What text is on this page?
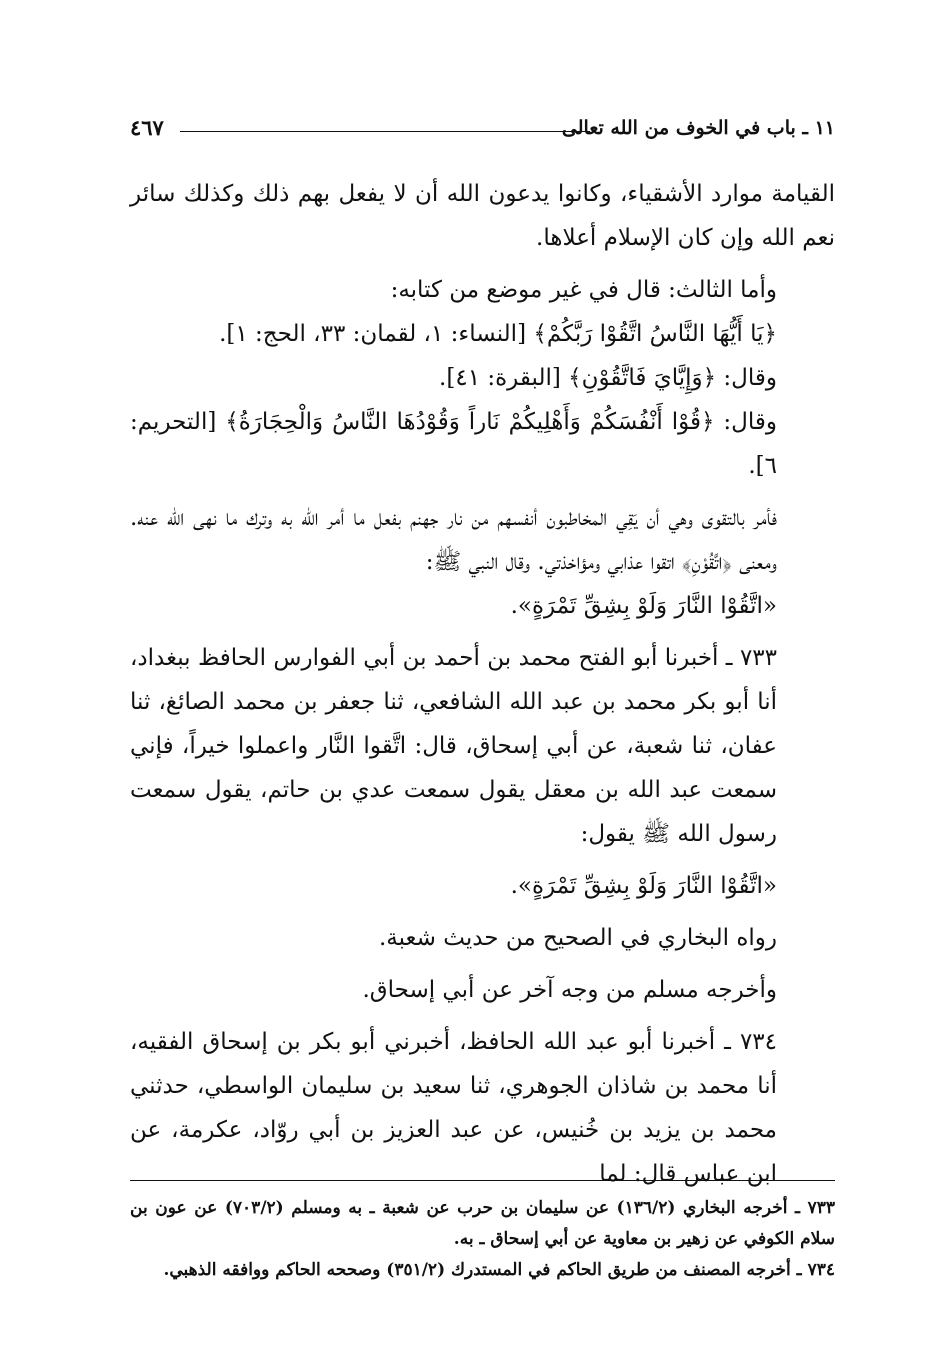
١١ ـ باب في الخوف من الله تعالى
٤٦٧

القيامة موارد الأشقياء، وكانوا يدعون الله أن لا يفعل بهم ذلك وكذلك سائر نعم الله وإن كان الإسلام أعلاها.

وأما الثالث: قال في غير موضع من كتابه:

﴿يَا أَيُّهَا النَّاسُ اتَّقُوْا رَبَّكُمْ﴾ [النساء: ١، لقمان: ٣٣، الحج: ١].

وقال: ﴿وَإِيَّايَ فَاتَّقُوْنِ﴾ [البقرة: ٤١].

وقال: ﴿قُوْا أَنْفُسَكُمْ وَأَهْلِيكُمْ نَاراً وَقُوْدُهَا النَّاسُ وَالْحِجَارَةُ﴾ [التحريم: ٦].

فأمر بالتقوى وهي أن يَقِي المخاطبون أنفسهم من نار جهنم بفعل ما أمر الله به وترك ما نهى الله عنه. ومعنى ﴿اتَّقُوْنِ﴾ اتقوا عذابي ومؤاخذتي. وقال النبي ﷺ:

«اتَّقُوْا النَّارَ وَلَوْ بِشِقِّ تَمْرَةٍ».

٧٣٣ ـ أخبرنا أبو الفتح محمد بن أحمد بن أبي الفوارس الحافظ ببغداد، أنا أبو بكر محمد بن عبد الله الشافعي، ثنا جعفر بن محمد الصائغ، ثنا عفان، ثنا شعبة، عن أبي إسحاق، قال: اتَّقوا النَّار واعملوا خيراً، فإني سمعت عبد الله بن معقل يقول سمعت عدي بن حاتم، يقول سمعت رسول الله ﷺ يقول:

«اتَّقُوْا النَّارَ وَلَوْ بِشِقِّ تَمْرَةٍ».

رواه البخاري في الصحيح من حديث شعبة.

وأخرجه مسلم من وجه آخر عن أبي إسحاق.

٧٣٤ ـ أخبرنا أبو عبد الله الحافظ، أخبرني أبو بكر بن إسحاق الفقيه، أنا محمد بن شاذان الجوهري، ثنا سعيد بن سليمان الواسطي، حدثني محمد بن يزيد بن خُنيس، عن عبد العزيز بن أبي روّاد، عكرمة، عن ابن عباس قال: لما

٧٣٣ ـ أخرجه البخاري (١٣٦/٢) عن سليمان بن حرب عن شعبة ـ به ومسلم (٧٠٣/٢) عن عون بن سلام الكوفي عن زهير بن معاوية عن أبي إسحاق ـ به.

٧٣٤ ـ أخرجه المصنف من طريق الحاكم في المستدرك (٣٥١/٢) وصححه الحاكم ووافقه الذهبي.
